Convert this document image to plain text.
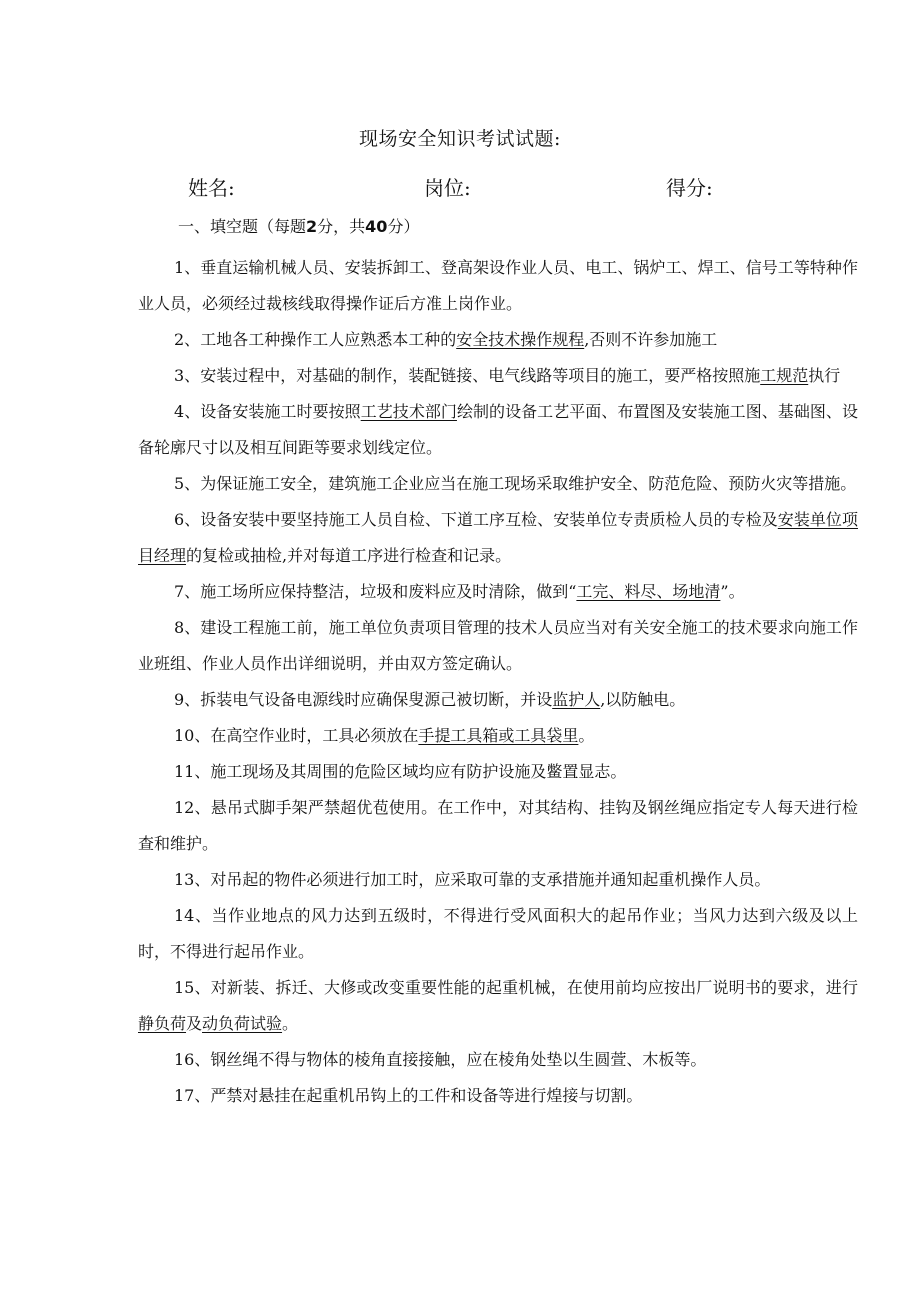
现场安全知识考试试题:
姓名:	岗位:	得分:
一、填空题（每题2分，共40分）
1、垂直运输机械人员、安装拆卸工、登高架设作业人员、电工、锅炉工、焊工、信号工等特种作业人员，必须经过裁核线取得操作证后方准上岗作业。
2、工地各工种操作工人应熟悉本工种的安全技术操作规程,否则不许参加施工
3、安装过程中，对基础的制作，装配链接、电气线路等项目的施工，要严格按照施工规范执行
4、设备安装施工时要按照工艺技术部门绘制的设备工艺平面、布置图及安装施工图、基础图、设备轮廓尺寸以及相互间距等要求划线定位。
5、为保证施工安全，建筑施工企业应当在施工现场采取维护安全、防范危险、预防火灾等措施。
6、设备安装中要坚持施工人员自检、下道工序互检、安装单位专责质检人员的专检及安装单位项目经理的复检或抽检,并对每道工序进行检查和记录。
7、施工场所应保持整洁，垃圾和废料应及时清除，做到“工完、料尽、场地清”。
8、建设工程施工前，施工单位负责项目管理的技术人员应当对有关安全施工的技术要求向施工作业班组、作业人员作出详细说明，并由双方签定确认。
9、拆装电气设备电源线时应确保叟源己被切断，并设监护人,以防触电。
10、在高空作业时，工具必须放在手提工具箱或工具袋里。
11、施工现场及其周围的危险区域均应有防护设施及鳖置显志。
12、悬吊式脚手架严禁超优苞使用。在工作中，对其结构、挂钩及钢丝绳应指定专人每天进行检查和维护。
13、对吊起的物件必须进行加工时，应采取可靠的支承措施并通知起重机操作人员。
14、当作业地点的风力达到五级时，不得进行受风面积大的起吊作业；当风力达到六级及以上时，不得进行起吊作业。
15、对新装、拆迁、大修或改变重要性能的起重机械，在使用前均应按出厂说明书的要求，进行静负荷及动负荷试验。
16、钢丝绳不得与物体的棱角直接接触，应在棱角处垫以生圆萱、木板等。
17、严禁对悬挂在起重机吊钩上的工件和设备等进行煌接与切割。
